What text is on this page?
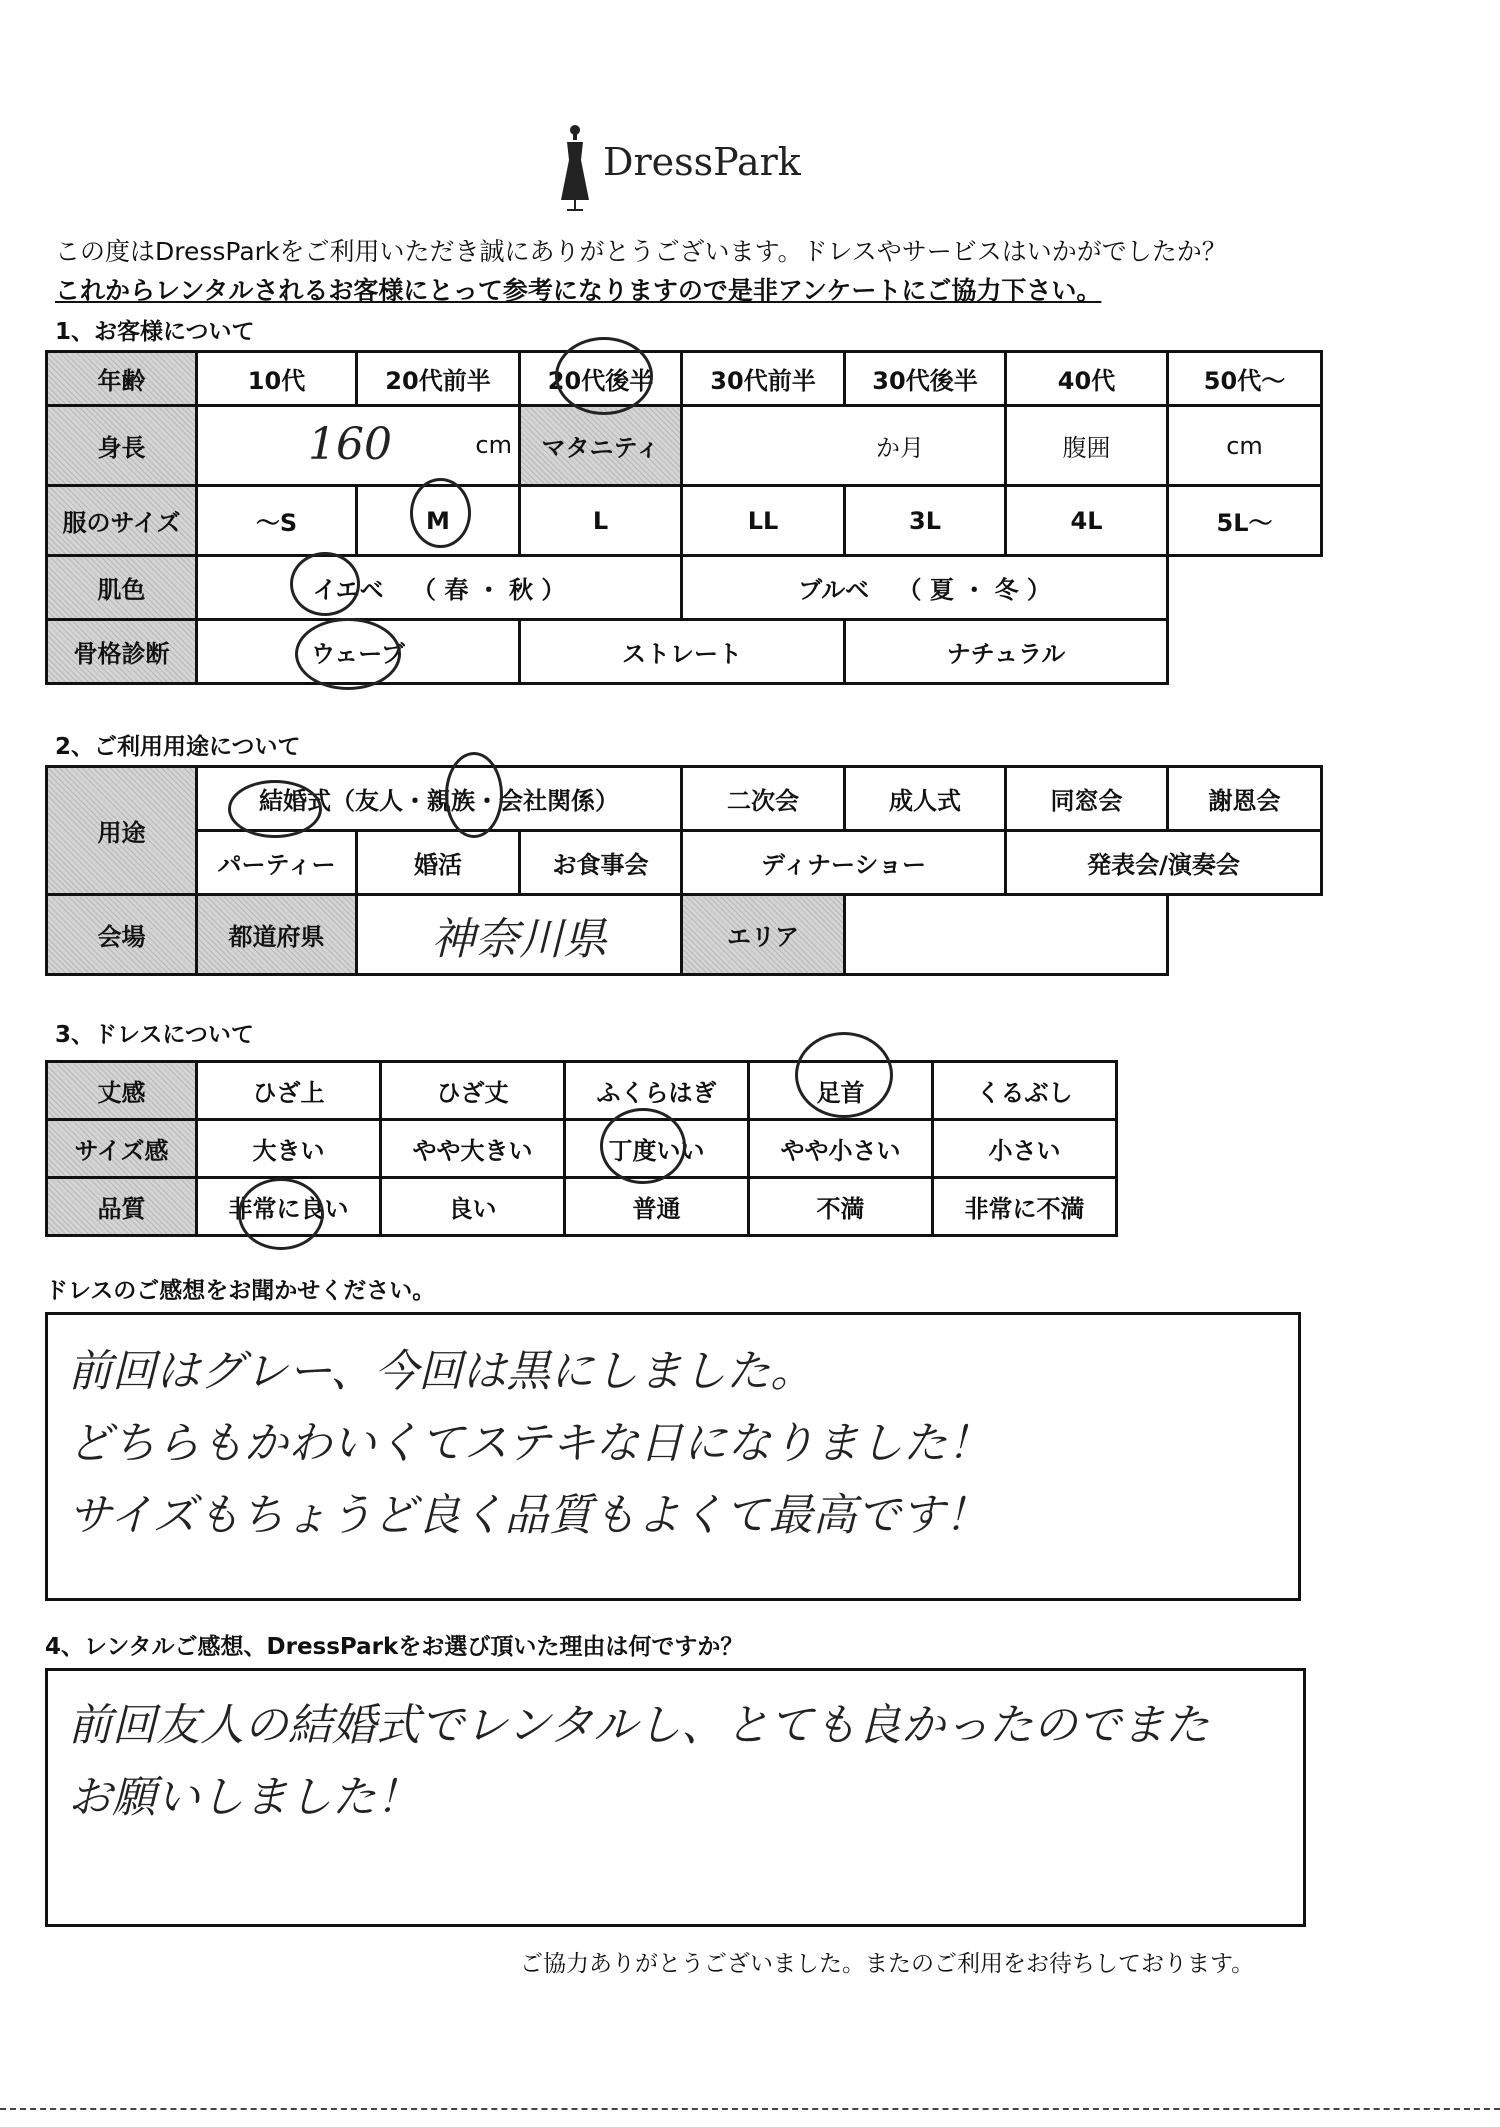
DressPark
この度はDressParkをご利用いただき誠にありがとうございます。ドレスやサービスはいかがでしたか？
これからレンタルされるお客様にとって参考になりますので是非アンケートにご協力下さい。
1、お客様について
年齢	10代	20代前半	20代後半	30代前半	30代後半	40代	50代〜
身長	160 cm		マタニティ	か月		腹囲	cm
服のサイズ	〜S	M	L	LL	3L	4L	5L〜
肌色	イエベ （ 春 ・ 秋 ）			ブルベ （ 夏 ・ 冬 ）			
骨格診断	ウェーブ		ストレート		ナチュラル		
2、ご利用用途について
用途	結婚式（友人・親族・会社関係）			二次会	成人式	同窓会	謝恩会
	パーティー	婚活	お食事会	ディナーショー		発表会/演奏会	
会場	都道府県	神奈川県		エリア			
3、ドレスについて
丈感	ひざ上	ひざ丈	ふくらはぎ	足首	くるぶし
サイズ感	大きい	やや大きい	丁度いい	やや小さい	小さい
品質	非常に良い	良い	普通	不満	非常に不満
ドレスのご感想をお聞かせください。
前回はグレー、今回は黒にしました。
どちらもかわいくてステキな日になりました！
サイズもちょうど良く品質もよくて最高です！
4、レンタルご感想、DressParkをお選び頂いた理由は何ですか？
前回友人の結婚式でレンタルし、とても良かったのでまた
お願いしました！
ご協力ありがとうございました。またのご利用をお待ちしております。
